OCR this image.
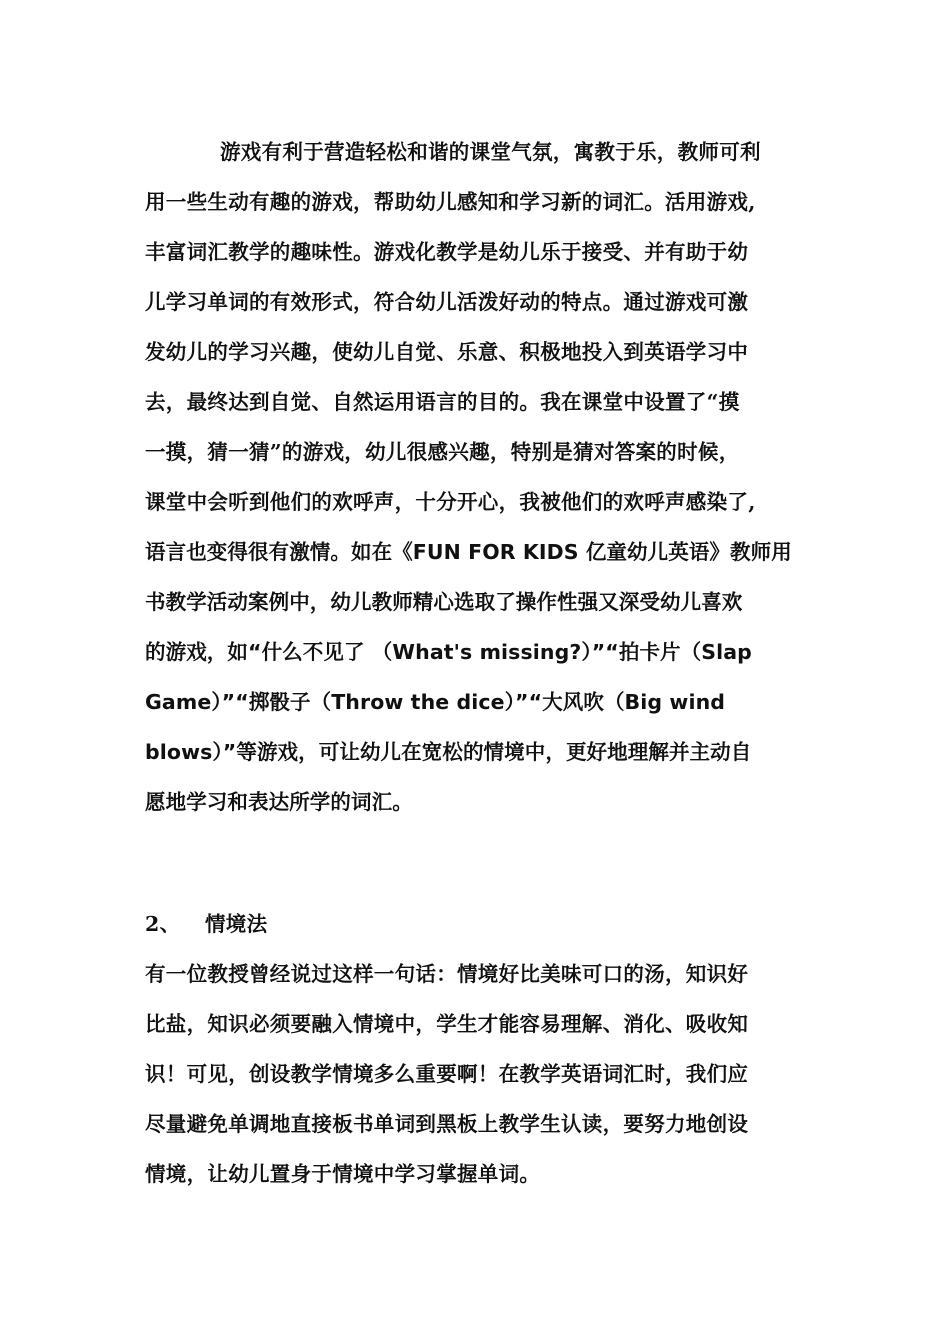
游戏有利于营造轻松和谐的课堂气氛，寓教于乐，教师可利
用一些生动有趣的游戏，帮助幼儿感知和学习新的词汇。活用游戏,
丰富词汇教学的趣味性。游戏化教学是幼儿乐于接受、并有助于幼
儿学习单词的有效形式，符合幼儿活泼好动的特点。通过游戏可激
发幼儿的学习兴趣，使幼儿自觉、乐意、积极地投入到英语学习中
去，最终达到自觉、自然运用语言的目的。我在课堂中设置了“摸
一摸，猜一猜”的游戏，幼儿很感兴趣，特别是猜对答案的时候，
课堂中会听到他们的欢呼声，十分开心，我被他们的欢呼声感染了,
语言也变得很有激情。如在《FUN FOR KIDS 亿童幼儿英语》教师用
书教学活动案例中，幼儿教师精心选取了操作性强又深受幼儿喜欢
的游戏，如“什么不见了 （What's missing?）”“拍卡片（Slap
Game）”“掷骰子（Throw the dice）”“大风吹（Big wind
blows）”等游戏，可让幼儿在宽松的情境中，更好地理解并主动自
愿地学习和表达所学的词汇。
2、 情境法
有一位教授曾经说过这样一句话：情境好比美味可口的汤，知识好
比盐，知识必须要融入情境中，学生才能容易理解、消化、吸收知
识！可见，创设教学情境多么重要啊！在教学英语词汇时，我们应
尽量避免单调地直接板书单词到黑板上教学生认读，要努力地创设
情境，让幼儿置身于情境中学习掌握单词。
